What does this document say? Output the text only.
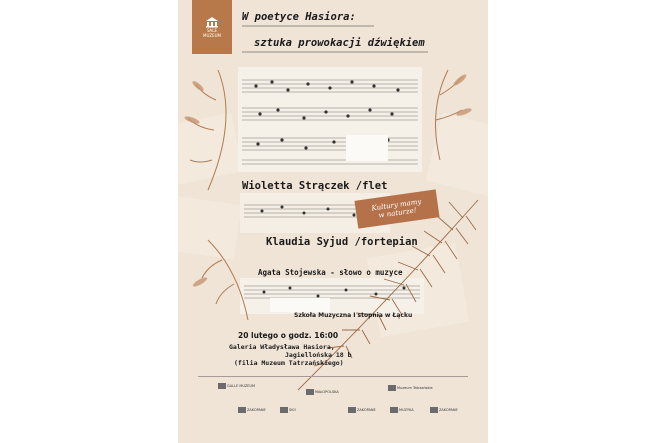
SALE
MUZEUM
W poetyce Hasiora:
sztuka prowokacji dźwiękiem
Wioletta Strączek /flet
Klaudia Syjud /fortepian
Agata Stojewska - słowo o muzyce
Szkoła Muzyczna I stopnia w Łącku
20 lutego o godz. 16:00
Galeria Władysława Hasiora,
Jagiellońska 18 b
(filia Muzeum Tatrzańskiego)
Kultury mamy
w naturze!
GALLE MUZEUM
MAŁOPOLSKA
Muzeum Tatrzańskie
ZAKOPANE	SKI!	ZAKOPANE	MUZYKA	ZAKOPANE
